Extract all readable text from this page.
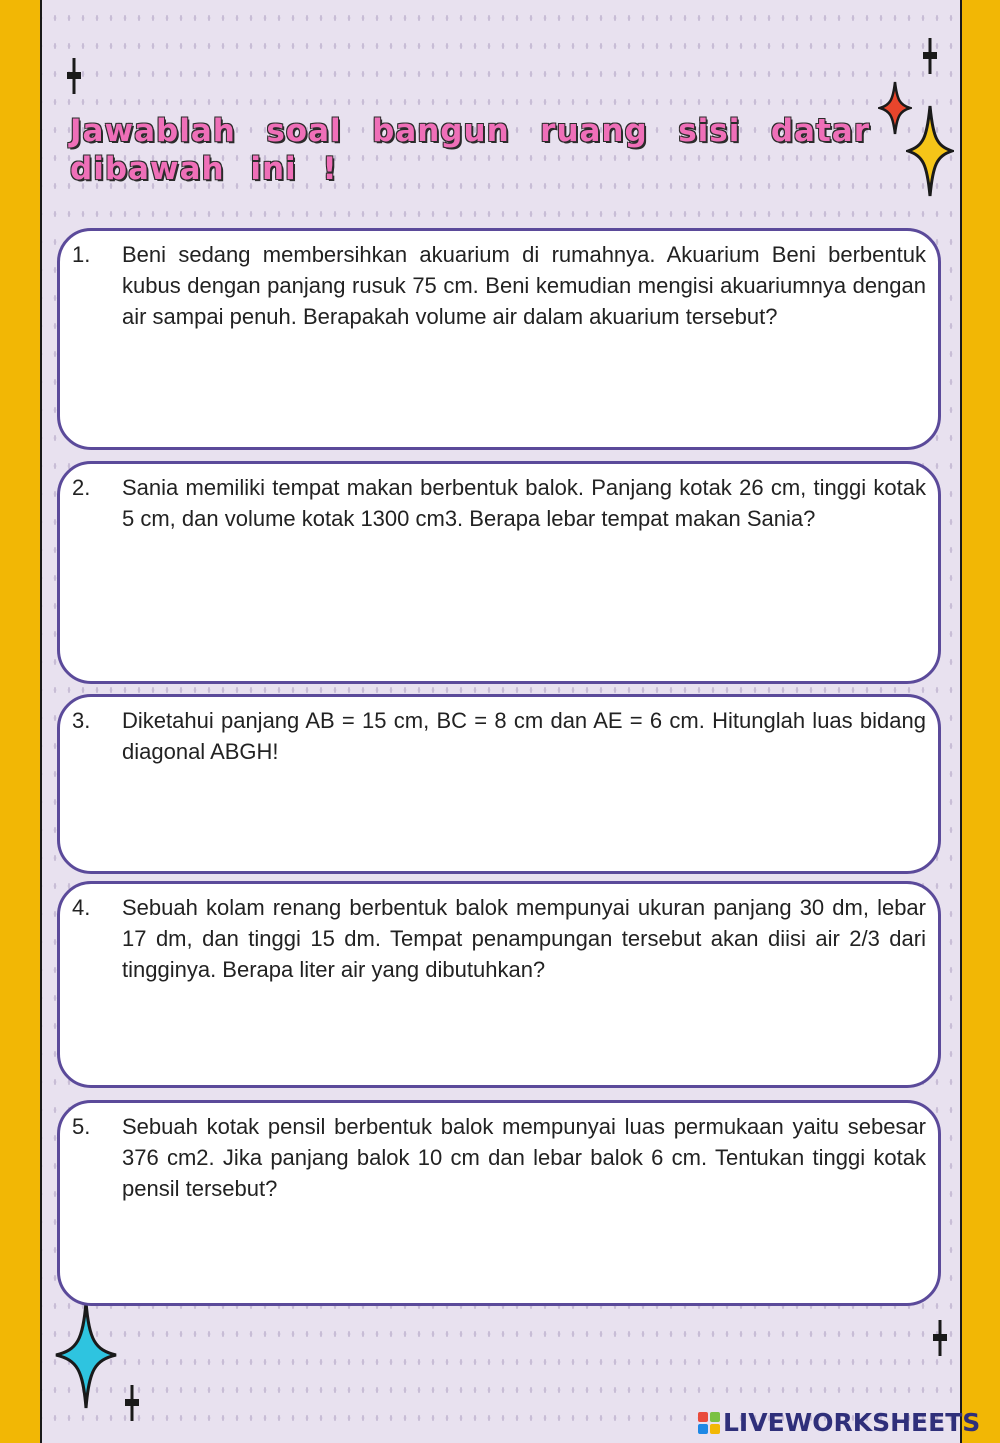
Jawablah soal bangun ruang sisi datar dibawah ini !
1. Beni sedang membersihkan akuarium di rumahnya. Akuarium Beni berbentuk kubus dengan panjang rusuk 75 cm. Beni kemudian mengisi akuariumnya dengan air sampai penuh. Berapakah volume air dalam akuarium tersebut?

2. Sania memiliki tempat makan berbentuk balok. Panjang kotak 26 cm, tinggi kotak 5 cm, dan volume kotak 1300 cm3. Berapa lebar tempat makan Sania?

3. Diketahui panjang AB = 15 cm, BC = 8 cm dan AE = 6 cm. Hitunglah luas bidang diagonal ABGH!

4. Sebuah kolam renang berbentuk balok mempunyai ukuran panjang 30 dm, lebar 17 dm, dan tinggi 15 dm. Tempat penampungan tersebut akan diisi air 2/3 dari tingginya. Berapa liter air yang dibutuhkan?

5. Sebuah kotak pensil berbentuk balok mempunyai luas permukaan yaitu sebesar 376 cm2. Jika panjang balok 10 cm dan lebar balok 6 cm. Tentukan tinggi kotak pensil tersebut?

LIVEWORKSHEETS
